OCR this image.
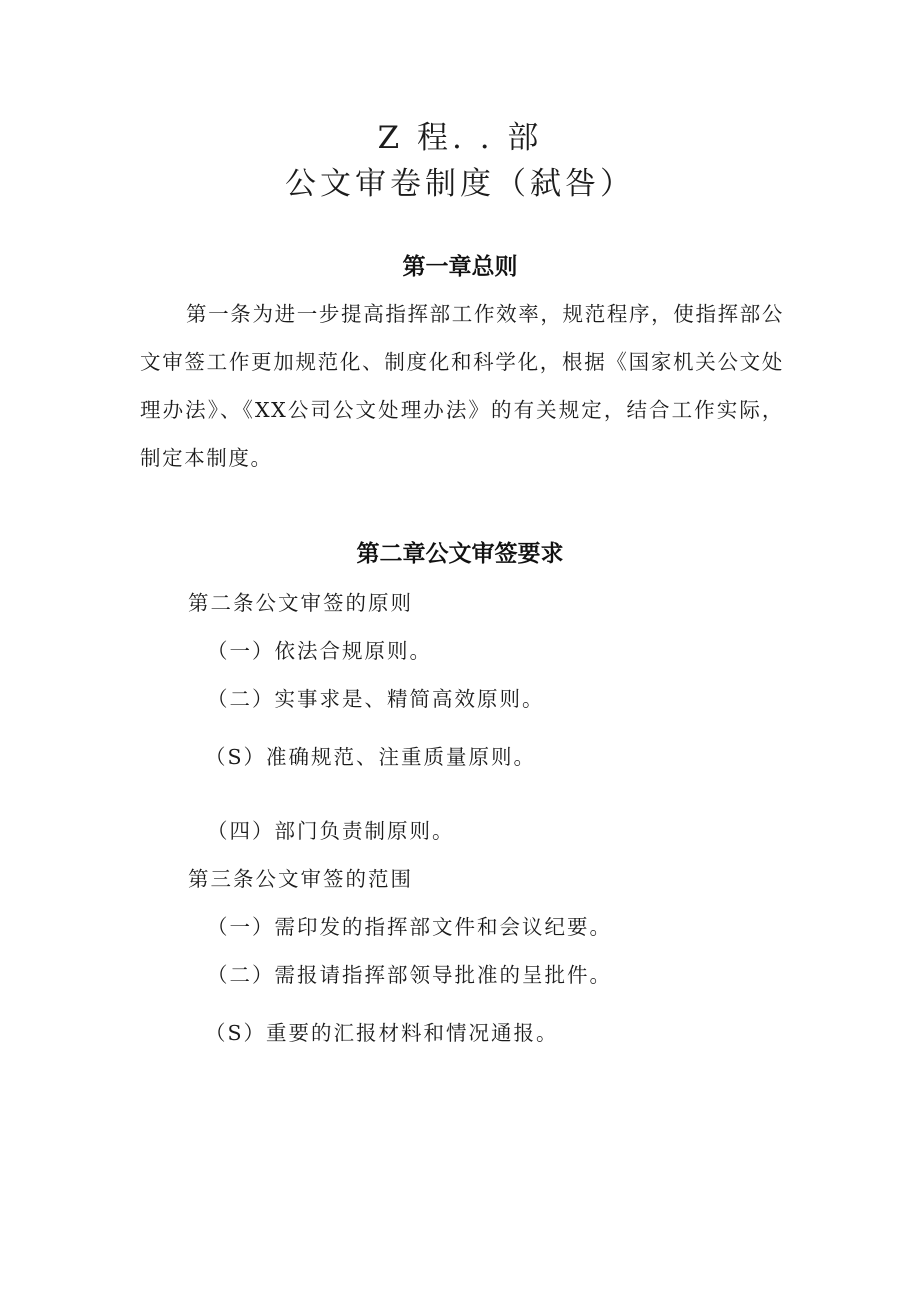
Z 程. . 部
公文审卷制度（弑咎）
第一章总则
第一条为进一步提高指挥部工作效率，规范程序，使指挥部公文审签工作更加规范化、制度化和科学化，根据《国家机关公文处理办法》、《XX公司公文处理办法》的有关规定，结合工作实际，制定本制度。
第二章公文审签要求
第二条公文审签的原则
（一）依法合规原则。
（二）实事求是、精简高效原则。
（S）准确规范、注重质量原则。
（四）部门负责制原则。
第三条公文审签的范围
（一）需印发的指挥部文件和会议纪要。
（二）需报请指挥部领导批准的呈批件。
（S）重要的汇报材料和情况通报。
